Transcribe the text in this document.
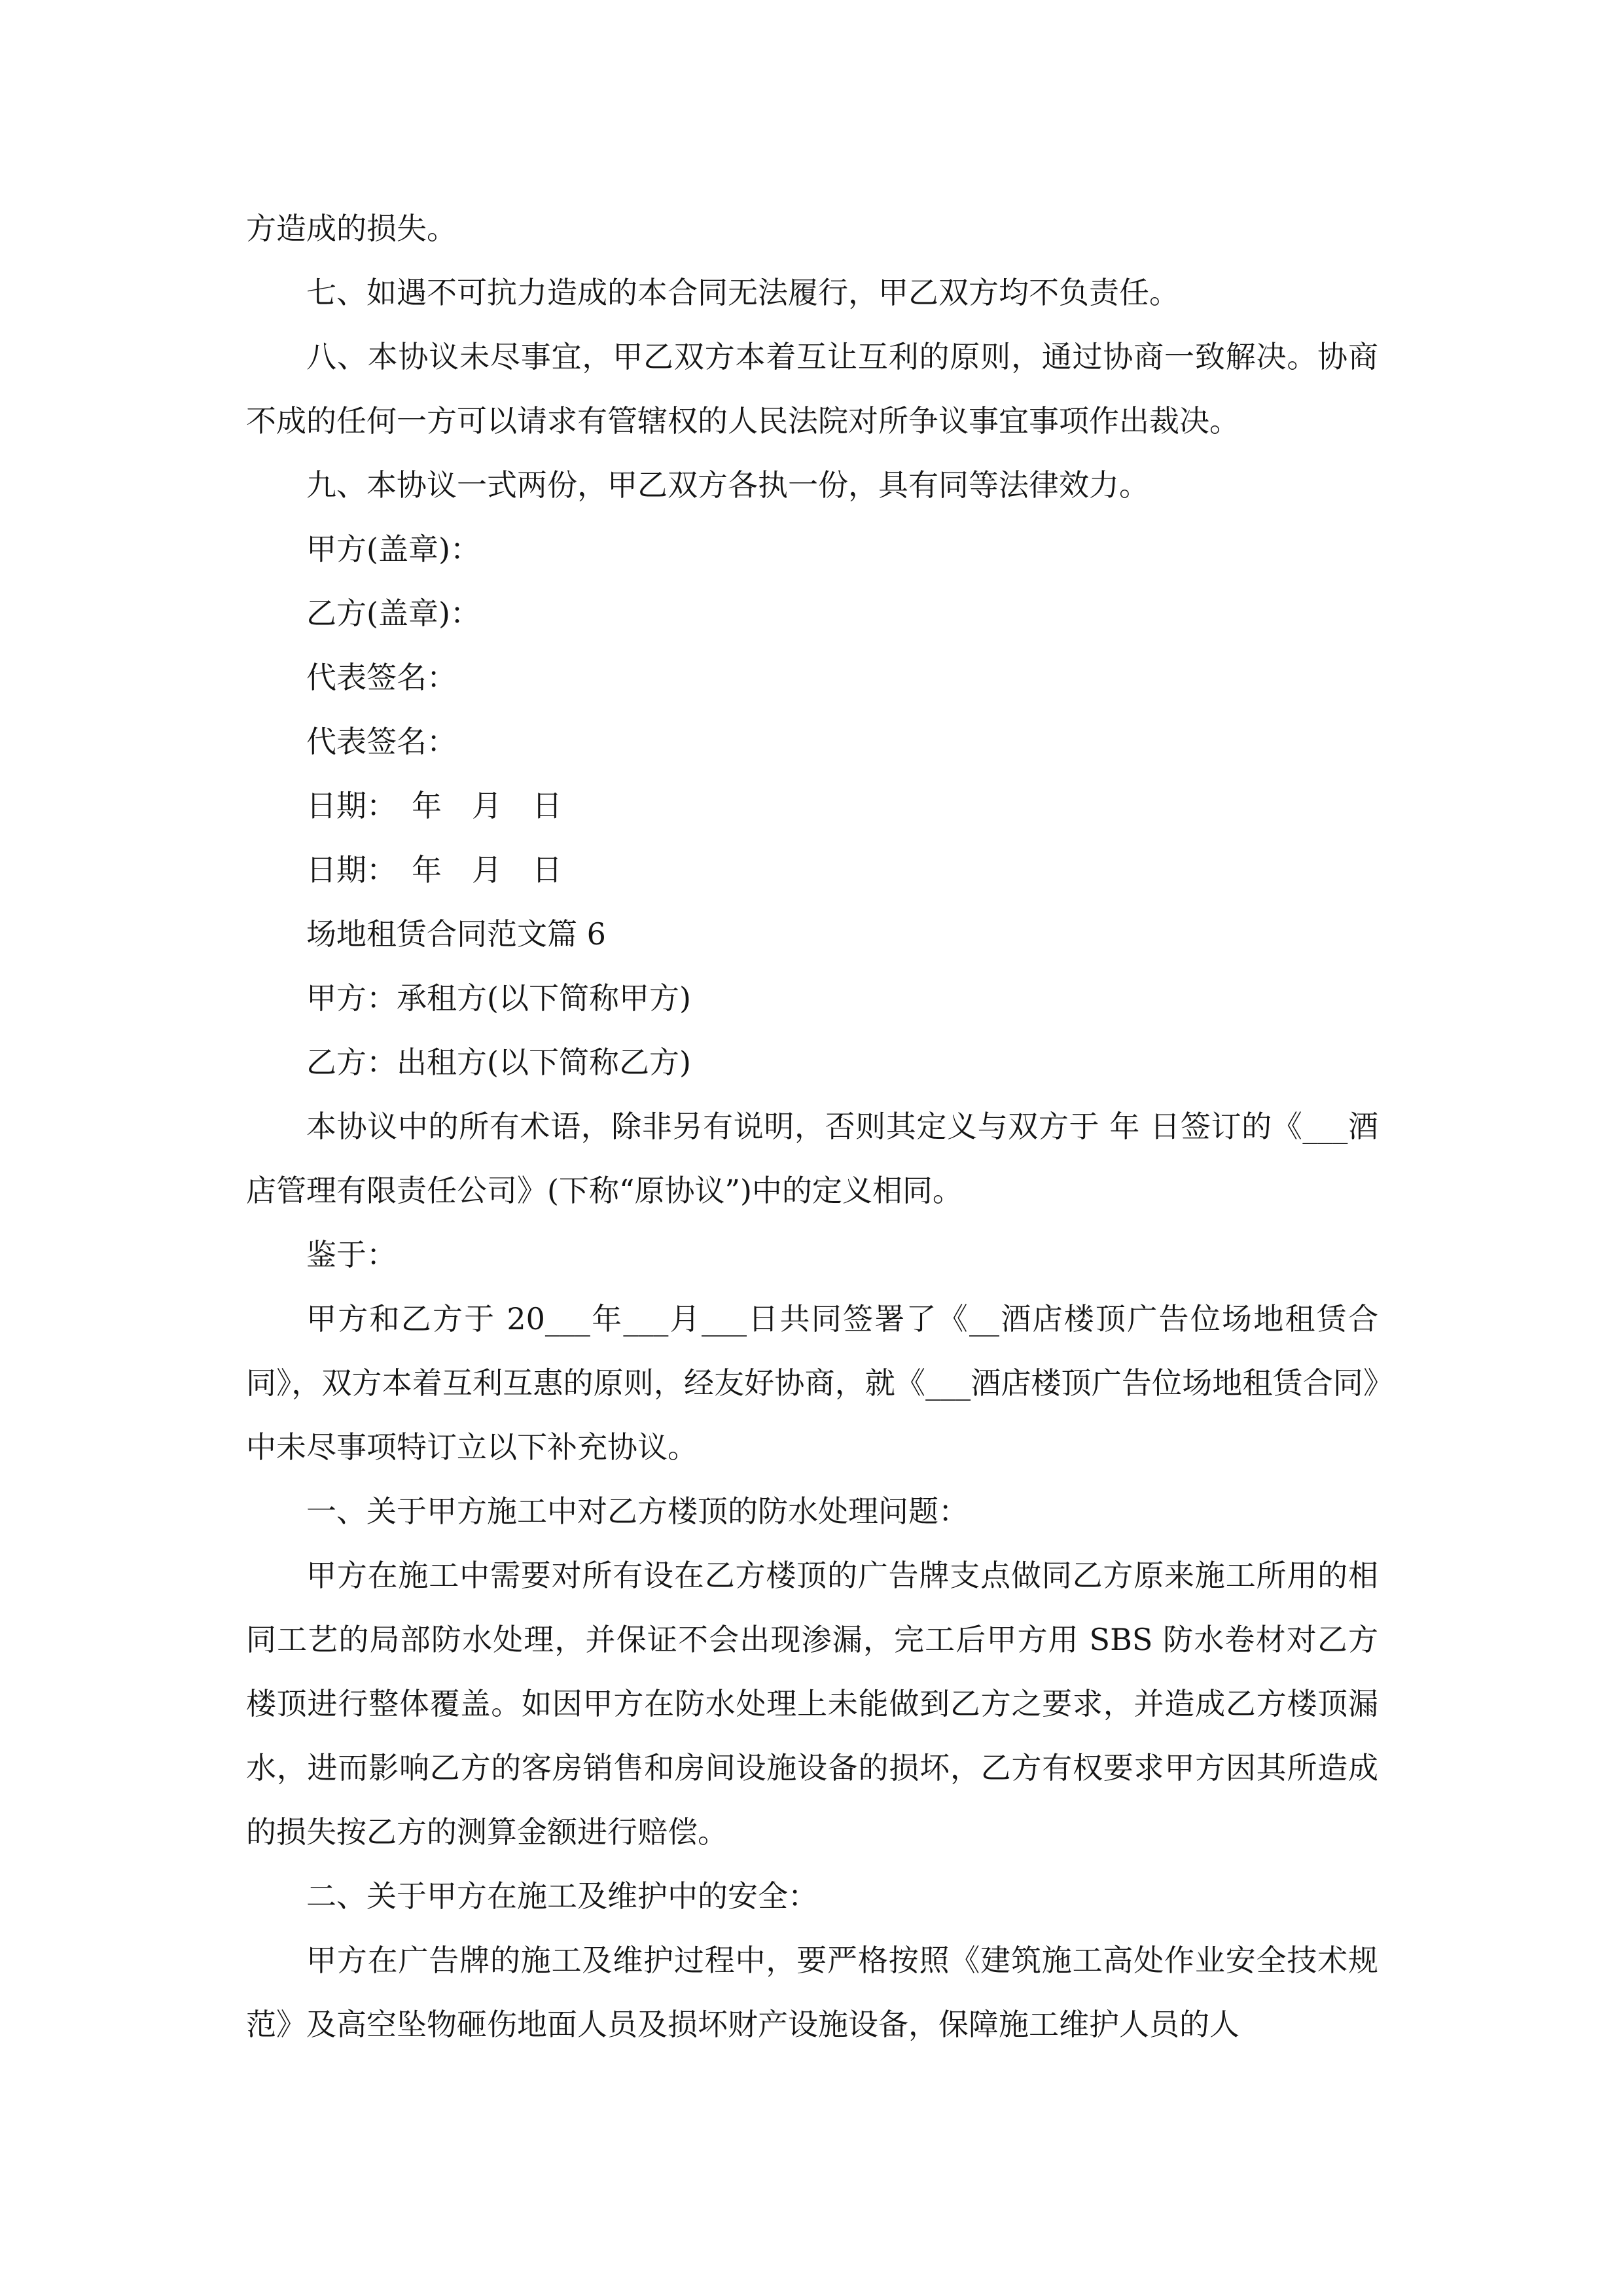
方造成的损失。

七、如遇不可抗力造成的本合同无法履行，甲乙双方均不负责任。

八、本协议未尽事宜，甲乙双方本着互让互利的原则，通过协商一致解决。协商不成的任何一方可以请求有管辖权的人民法院对所争议事宜事项作出裁决。

九、本协议一式两份，甲乙双方各执一份，具有同等法律效力。

甲方(盖章)：

乙方(盖章)：

代表签名：

代表签名：

日期：　年　月　日

日期：　年　月　日

场地租赁合同范文篇 6

甲方：承租方(以下简称甲方)

乙方：出租方(以下简称乙方)

本协议中的所有术语，除非另有说明，否则其定义与双方于 年 日签订的《___酒店管理有限责任公司》(下称“原协议”)中的定义相同。

鉴于：

甲方和乙方于 20___年___月___日共同签署了《__酒店楼顶广告位场地租赁合同》，双方本着互利互惠的原则，经友好协商，就《___酒店楼顶广告位场地租赁合同》中未尽事项特订立以下补充协议。

一、关于甲方施工中对乙方楼顶的防水处理问题：

甲方在施工中需要对所有设在乙方楼顶的广告牌支点做同乙方原来施工所用的相同工艺的局部防水处理，并保证不会出现渗漏，完工后甲方用 SBS 防水卷材对乙方楼顶进行整体覆盖。如因甲方在防水处理上未能做到乙方之要求，并造成乙方楼顶漏水，进而影响乙方的客房销售和房间设施设备的损坏，乙方有权要求甲方因其所造成的损失按乙方的测算金额进行赔偿。

二、关于甲方在施工及维护中的安全：

甲方在广告牌的施工及维护过程中，要严格按照《建筑施工高处作业安全技术规范》及高空坠物砸伤地面人员及损坏财产设施设备，保障施工维护人员的人
